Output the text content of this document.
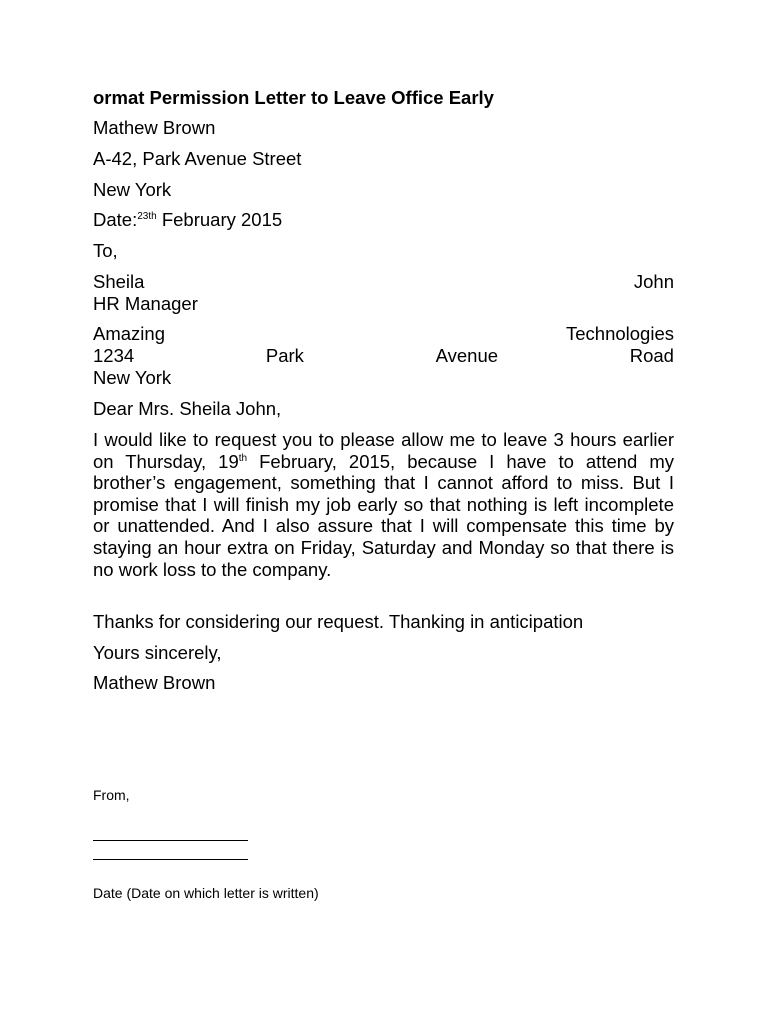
ormat Permission Letter to Leave Office Early
Mathew Brown
A-42, Park Avenue Street
New York
Date:$^{23th}$ February 2015
To,
Sheila	John
HR Manager
Amazing	Technologies
1234	Park	Avenue	Road
New York
Dear Mrs. Sheila John,
I would like to request you to please allow me to leave 3 hours earlier on Thursday, 19th February, 2015, because I have to attend my brother’s engagement, something that I cannot afford to miss. But I promise that I will finish my job early so that nothing is left incomplete or unattended. And I also assure that I will compensate this time by staying an hour extra on Friday, Saturday and Monday so that there is no work loss to the company.
Thanks for considering our request. Thanking in anticipation
Yours sincerely,
Mathew Brown
From,
Date (Date on which letter is written)
